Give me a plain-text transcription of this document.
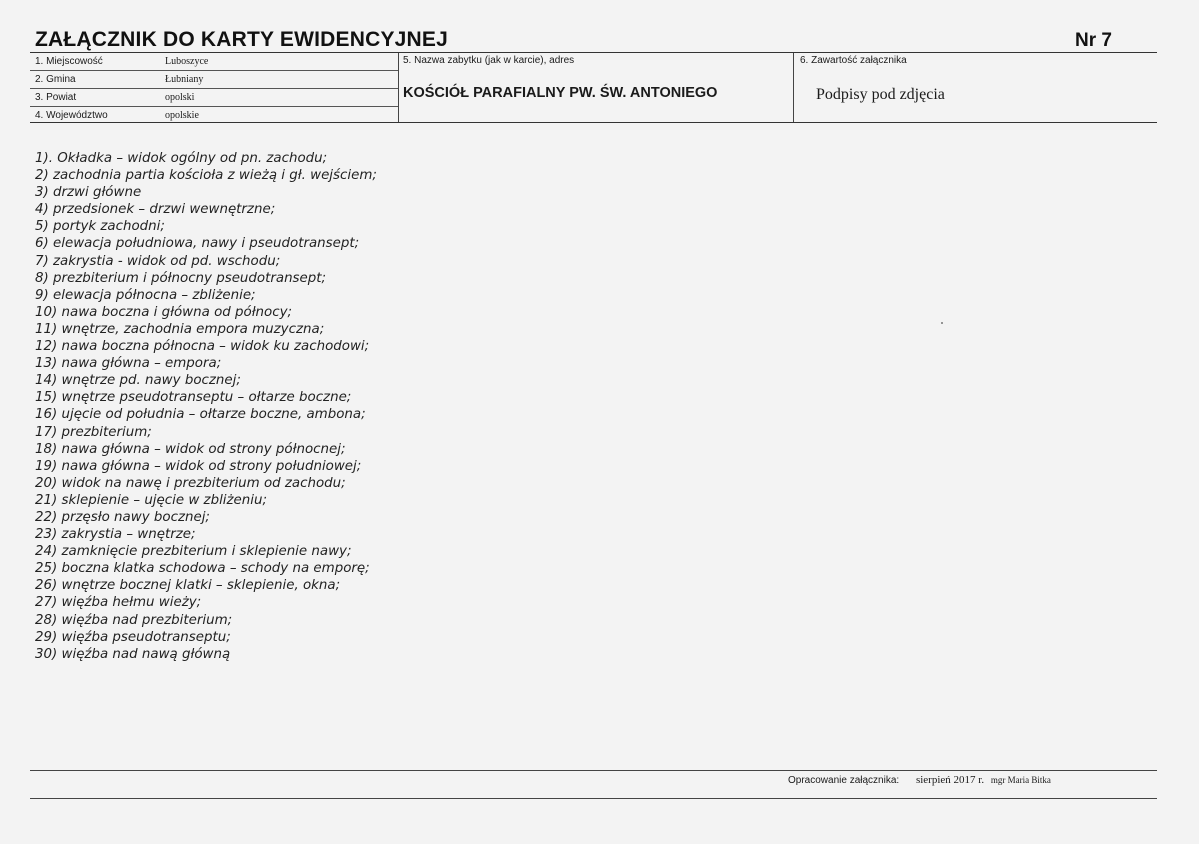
ZAŁĄCZNIK DO KARTY EWIDENCYJNEJ	Nr 7
1. Miejscowość	Luboszyce
2. Gmina	Łubniany
3. Powiat	opolski
4. Województwo	opolskie
5. Nazwa zabytku (jak w karcie), adres
KOŚCIÓŁ PARAFIALNY PW. ŚW. ANTONIEGO
6. Zawartość załącznika
Podpisy pod zdjęcia
1). Okładka – widok ogólny od pn. zachodu;
2) zachodnia partia kościoła z wieżą i gł. wejściem;
3) drzwi główne
4) przedsionek – drzwi wewnętrzne;
5) portyk zachodni;
6) elewacja południowa, nawy i pseudotransept;
7) zakrystia - widok od pd. wschodu;
8) prezbiterium i północny pseudotransept;
9) elewacja północna – zbliżenie;
10) nawa boczna i główna od północy;
11) wnętrze, zachodnia empora muzyczna;
12) nawa boczna północna – widok ku zachodowi;
13) nawa główna – empora;
14) wnętrze pd. nawy bocznej;
15) wnętrze pseudotranseptu – ołtarze boczne;
16) ujęcie od południa – ołtarze boczne, ambona;
17) prezbiterium;
18) nawa główna – widok od strony północnej;
19) nawa główna – widok od strony południowej;
20) widok na nawę i prezbiterium od zachodu;
21) sklepienie – ujęcie w zbliżeniu;
22) przęsło nawy bocznej;
23) zakrystia – wnętrze;
24) zamknięcie prezbiterium i sklepienie nawy;
25) boczna klatka schodowa – schody na emporę;
26) wnętrze bocznej klatki – sklepienie, okna;
27) więźba hełmu wieży;
28) więźba nad prezbiterium;
29) więźba pseudotranseptu;
30) więźba nad nawą główną
Opracowanie załącznika: sierpień 2017 r. mgr Maria Bitka
